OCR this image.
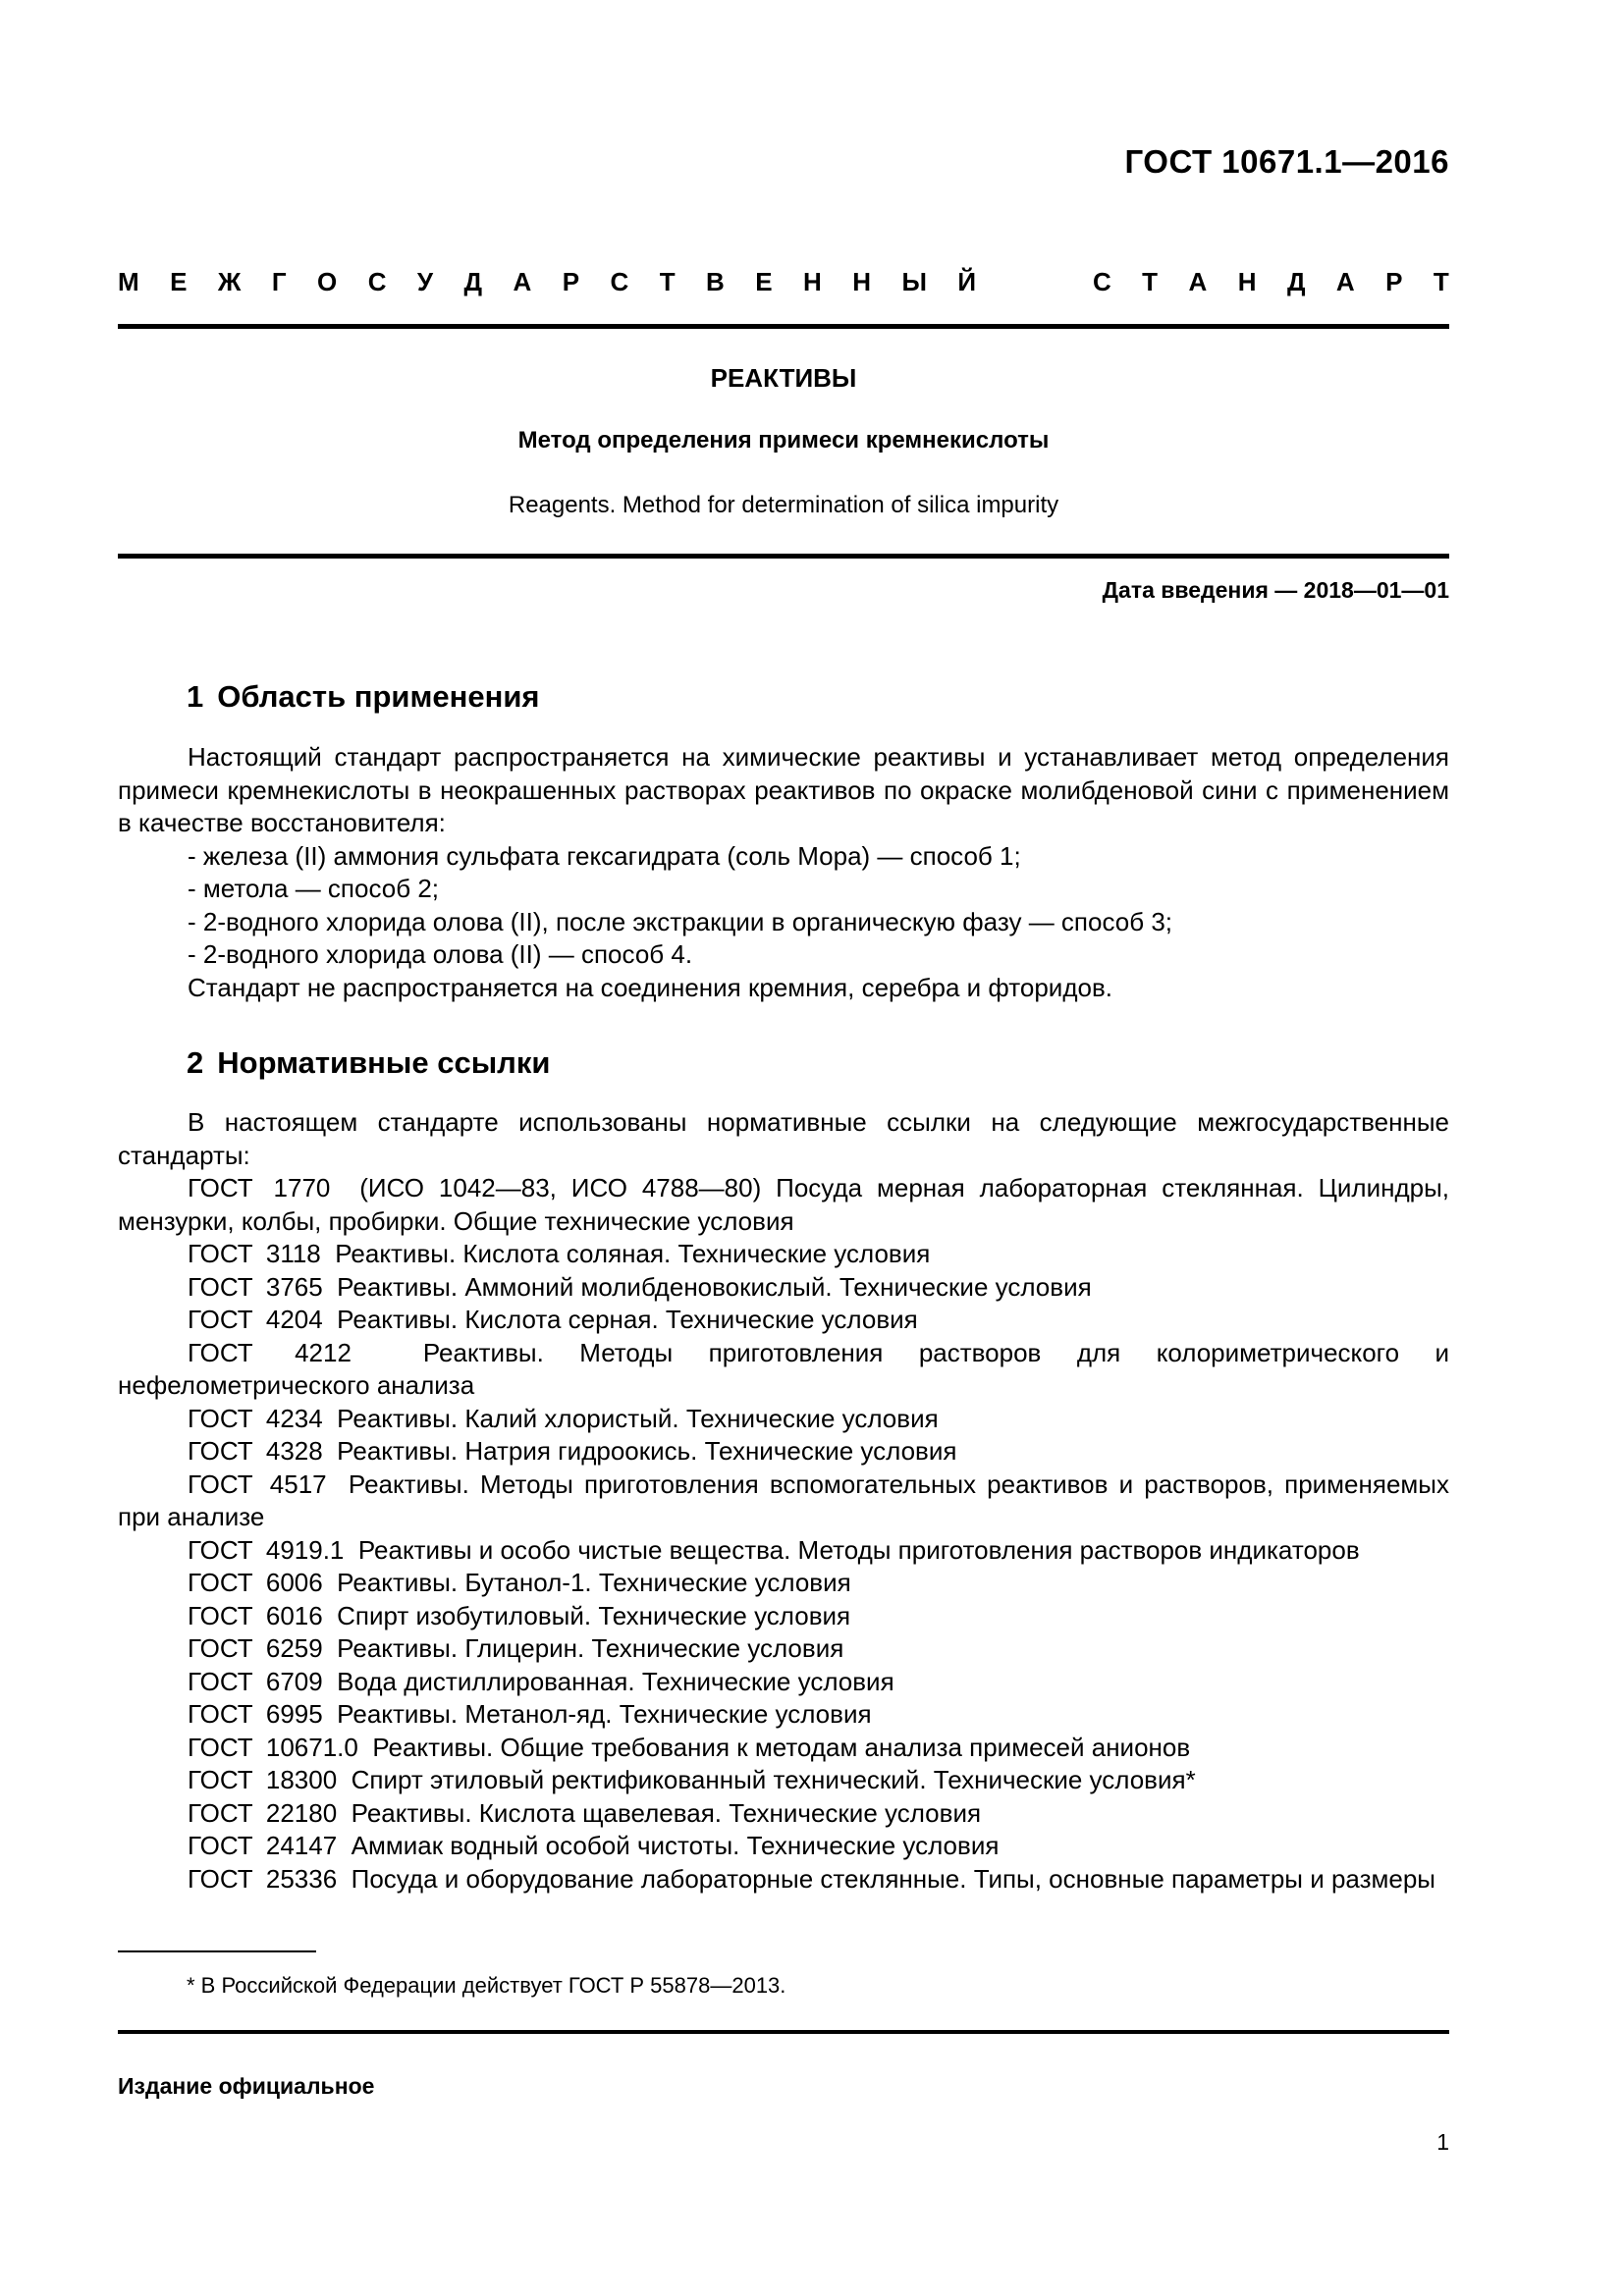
ГОСТ 10671.1—2016
М Е Ж Г О С У Д А Р С Т В Е Н Н Ы Й	С Т А Н Д А Р Т
РЕАКТИВЫ
Метод определения примеси кремнекислоты
Reagents. Method for determination of silica impurity
Дата введения — 2018—01—01
1 Область применения

Настоящий стандарт распространяется на химические реактивы и устанавливает метод определения примеси кремнекислоты в неокрашенных растворах реактивов по окраске молибденовой сини с применением в качестве восстановителя:

- железа (II) аммония сульфата гексагидрата (соль Мора) — способ 1;

- метола — способ 2;

- 2-водного хлорида олова (II), после экстракции в органическую фазу — способ 3;

- 2-водного хлорида олова (II) — способ 4.

Стандарт не распространяется на соединения кремния, серебра и фторидов.

2 Нормативные ссылки

В настоящем стандарте использованы нормативные ссылки на следующие межгосударственные стандарты:

ГОСТ 1770 (ИСО 1042—83, ИСО 4788—80) Посуда мерная лабораторная стеклянная. Цилиндры, мензурки, колбы, пробирки. Общие технические условия

ГОСТ 3118 Реактивы. Кислота соляная. Технические условия

ГОСТ 3765 Реактивы. Аммоний молибденовокислый. Технические условия

ГОСТ 4204 Реактивы. Кислота серная. Технические условия

ГОСТ 4212	Реактивы. Методы приготовления растворов для колориметрического и нефелометрического анализа

ГОСТ 4234 Реактивы. Калий хлористый. Технические условия

ГОСТ 4328 Реактивы. Натрия гидроокись. Технические условия

ГОСТ 4517 Реактивы. Методы приготовления вспомогательных реактивов и растворов, применяемых при анализе

ГОСТ 4919.1 Реактивы и особо чистые вещества. Методы приготовления растворов индикаторов

ГОСТ 6006 Реактивы. Бутанол-1. Технические условия

ГОСТ 6016 Спирт изобутиловый. Технические условия

ГОСТ 6259 Реактивы. Глицерин. Технические условия

ГОСТ 6709 Вода дистиллированная. Технические условия

ГОСТ 6995 Реактивы. Метанол-яд. Технические условия

ГОСТ 10671.0 Реактивы. Общие требования к методам анализа примесей анионов

ГОСТ 18300 Спирт этиловый ректификованный технический. Технические условия*

ГОСТ 22180 Реактивы. Кислота щавелевая. Технические условия

ГОСТ 24147 Аммиак водный особой чистоты. Технические условия

ГОСТ 25336 Посуда и оборудование лабораторные стеклянные. Типы, основные параметры и размеры

* В Российской Федерации действует ГОСТ Р 55878—2013.
Издание официальное
1
